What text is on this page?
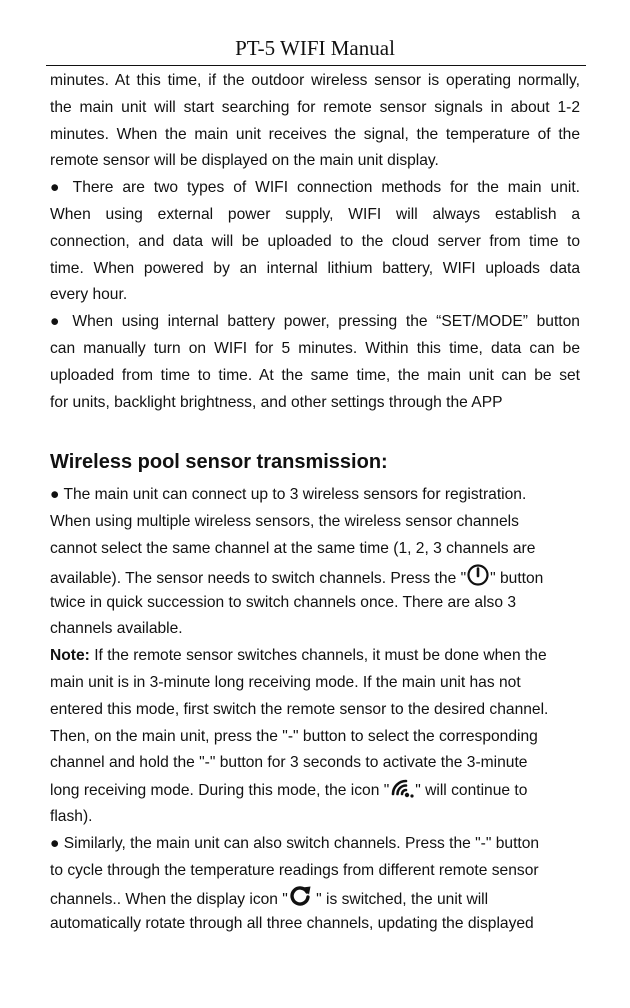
PT-5 WIFI Manual
minutes. At this time, if the outdoor wireless sensor is operating normally,
the main unit will start searching for remote sensor signals in about 1-2
minutes. When the main unit receives the signal, the temperature of the
remote sensor will be displayed on the main unit display.
● There are two types of WIFI connection methods for the main unit.
When using external power supply, WIFI will always establish a
connection, and data will be uploaded to the cloud server from time to
time. When powered by an internal lithium battery, WIFI uploads data
every hour.
● When using internal battery power, pressing the “SET/MODE” button
can manually turn on WIFI for 5 minutes. Within this time, data can be
uploaded from time to time. At the same time, the main unit can be set
for units, backlight brightness, and other settings through the APP
Wireless pool sensor transmission:
● The main unit can connect up to 3 wireless sensors for registration.
When using multiple wireless sensors, the wireless sensor channels
cannot select the same channel at the same time (1, 2, 3 channels are
available). The sensor needs to switch channels. Press the " " button
twice in quick succession to switch channels once. There are also 3
channels available.
Note: If the remote sensor switches channels, it must be done when the
main unit is in 3-minute long receiving mode. If the main unit has not
entered this mode, first switch the remote sensor to the desired channel.
Then, on the main unit, press the "-" button to select the corresponding
channel and hold the "-" button for 3 seconds to activate the 3-minute
long receiving mode. During this mode, the icon " " will continue to
flash).
● Similarly, the main unit can also switch channels. Press the "-" button
to cycle through the temperature readings from different remote sensor
channels.. When the display icon " " is switched, the unit will
automatically rotate through all three channels, updating the displayed
